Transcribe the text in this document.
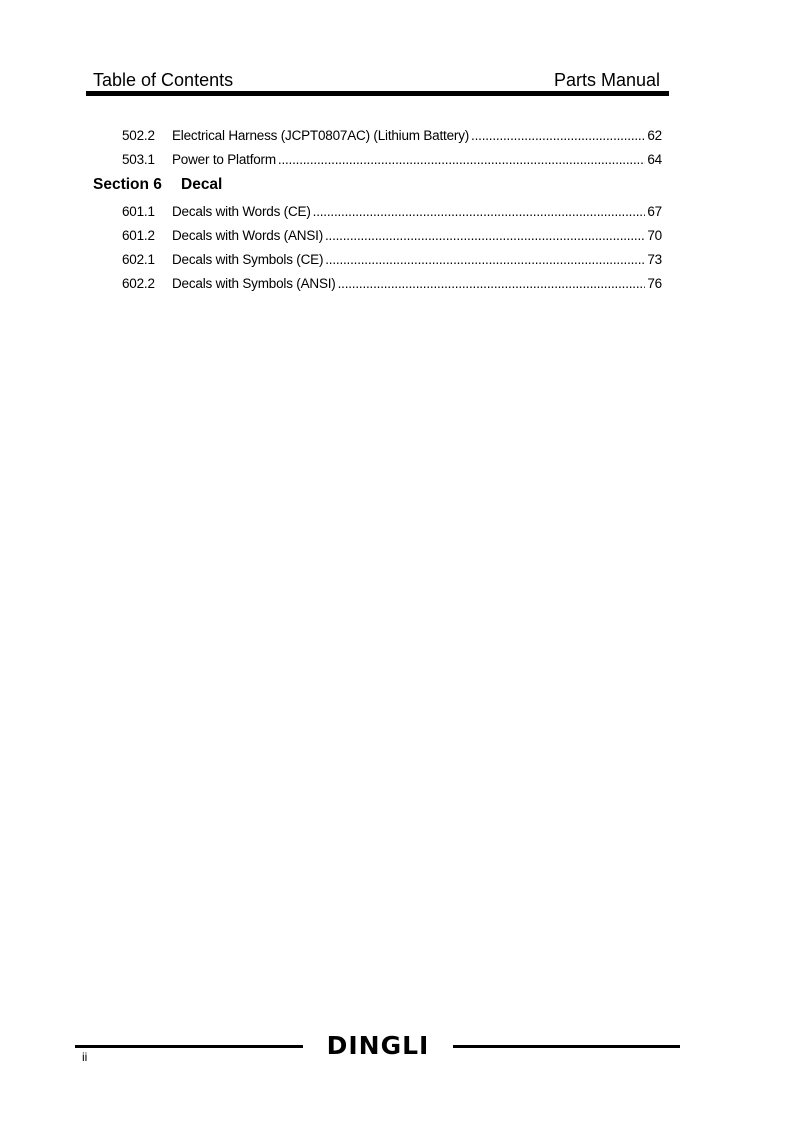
Table of Contents	Parts Manual
502.2	Electrical Harness (JCPT0807AC) (Lithium Battery) .....	62
503.1	Power to Platform .....	64
Section 6	Decal
601.1	Decals with Words (CE) .....	67
601.2	Decals with Words (ANSI) .....	70
602.1	Decals with Symbols (CE) .....	73
602.2	Decals with Symbols (ANSI) .....	76
DINGLI
ii
